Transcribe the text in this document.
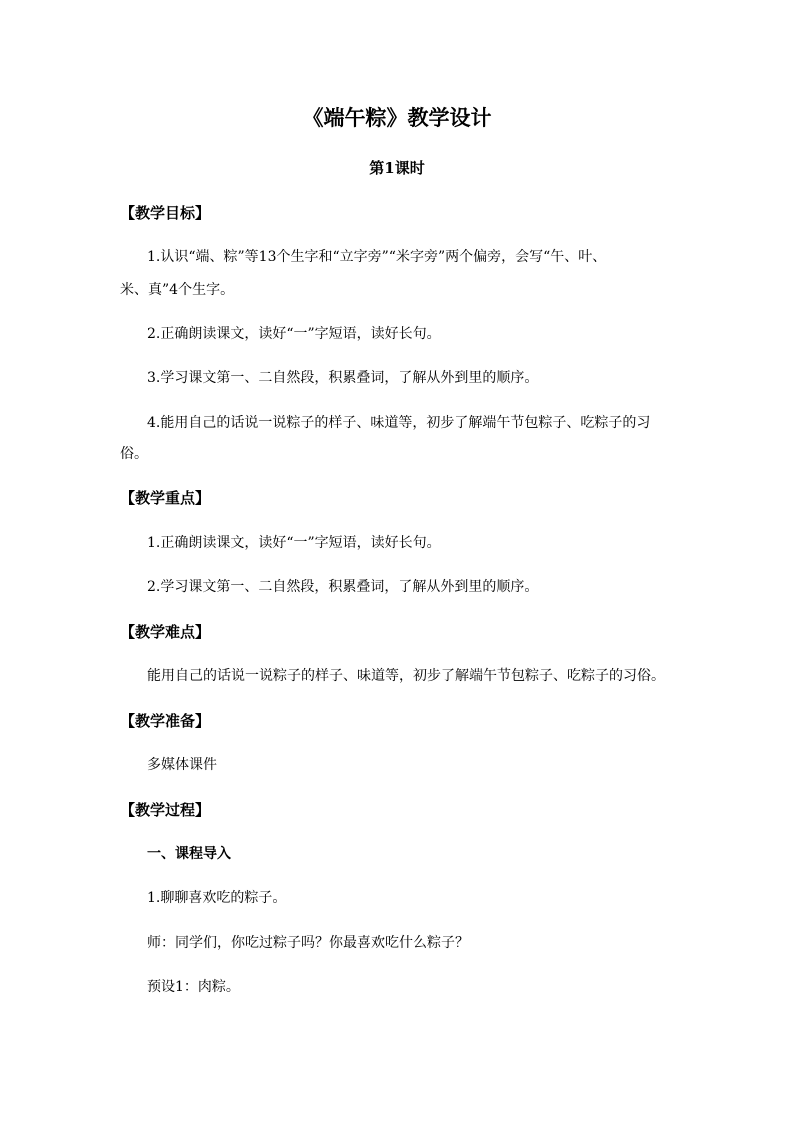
《端午粽》教学设计
第1课时
【教学目标】
1.认识“端、粽”等13个生字和“立字旁”“米字旁”两个偏旁，会写“午、叶、
米、真”4个生字。
2.正确朗读课文，读好“一”字短语，读好长句。
3.学习课文第一、二自然段，积累叠词，了解从外到里的顺序。
4.能用自己的话说一说粽子的样子、味道等，初步了解端午节包粽子、吃粽子的习
俗。
【教学重点】
1.正确朗读课文，读好“一”字短语，读好长句。
2.学习课文第一、二自然段，积累叠词，了解从外到里的顺序。
【教学难点】
能用自己的话说一说粽子的样子、味道等，初步了解端午节包粽子、吃粽子的习俗。
【教学准备】
多媒体课件
【教学过程】
一、课程导入
1.聊聊喜欢吃的粽子。
师：同学们，你吃过粽子吗？你最喜欢吃什么粽子？
预设1：肉粽。
